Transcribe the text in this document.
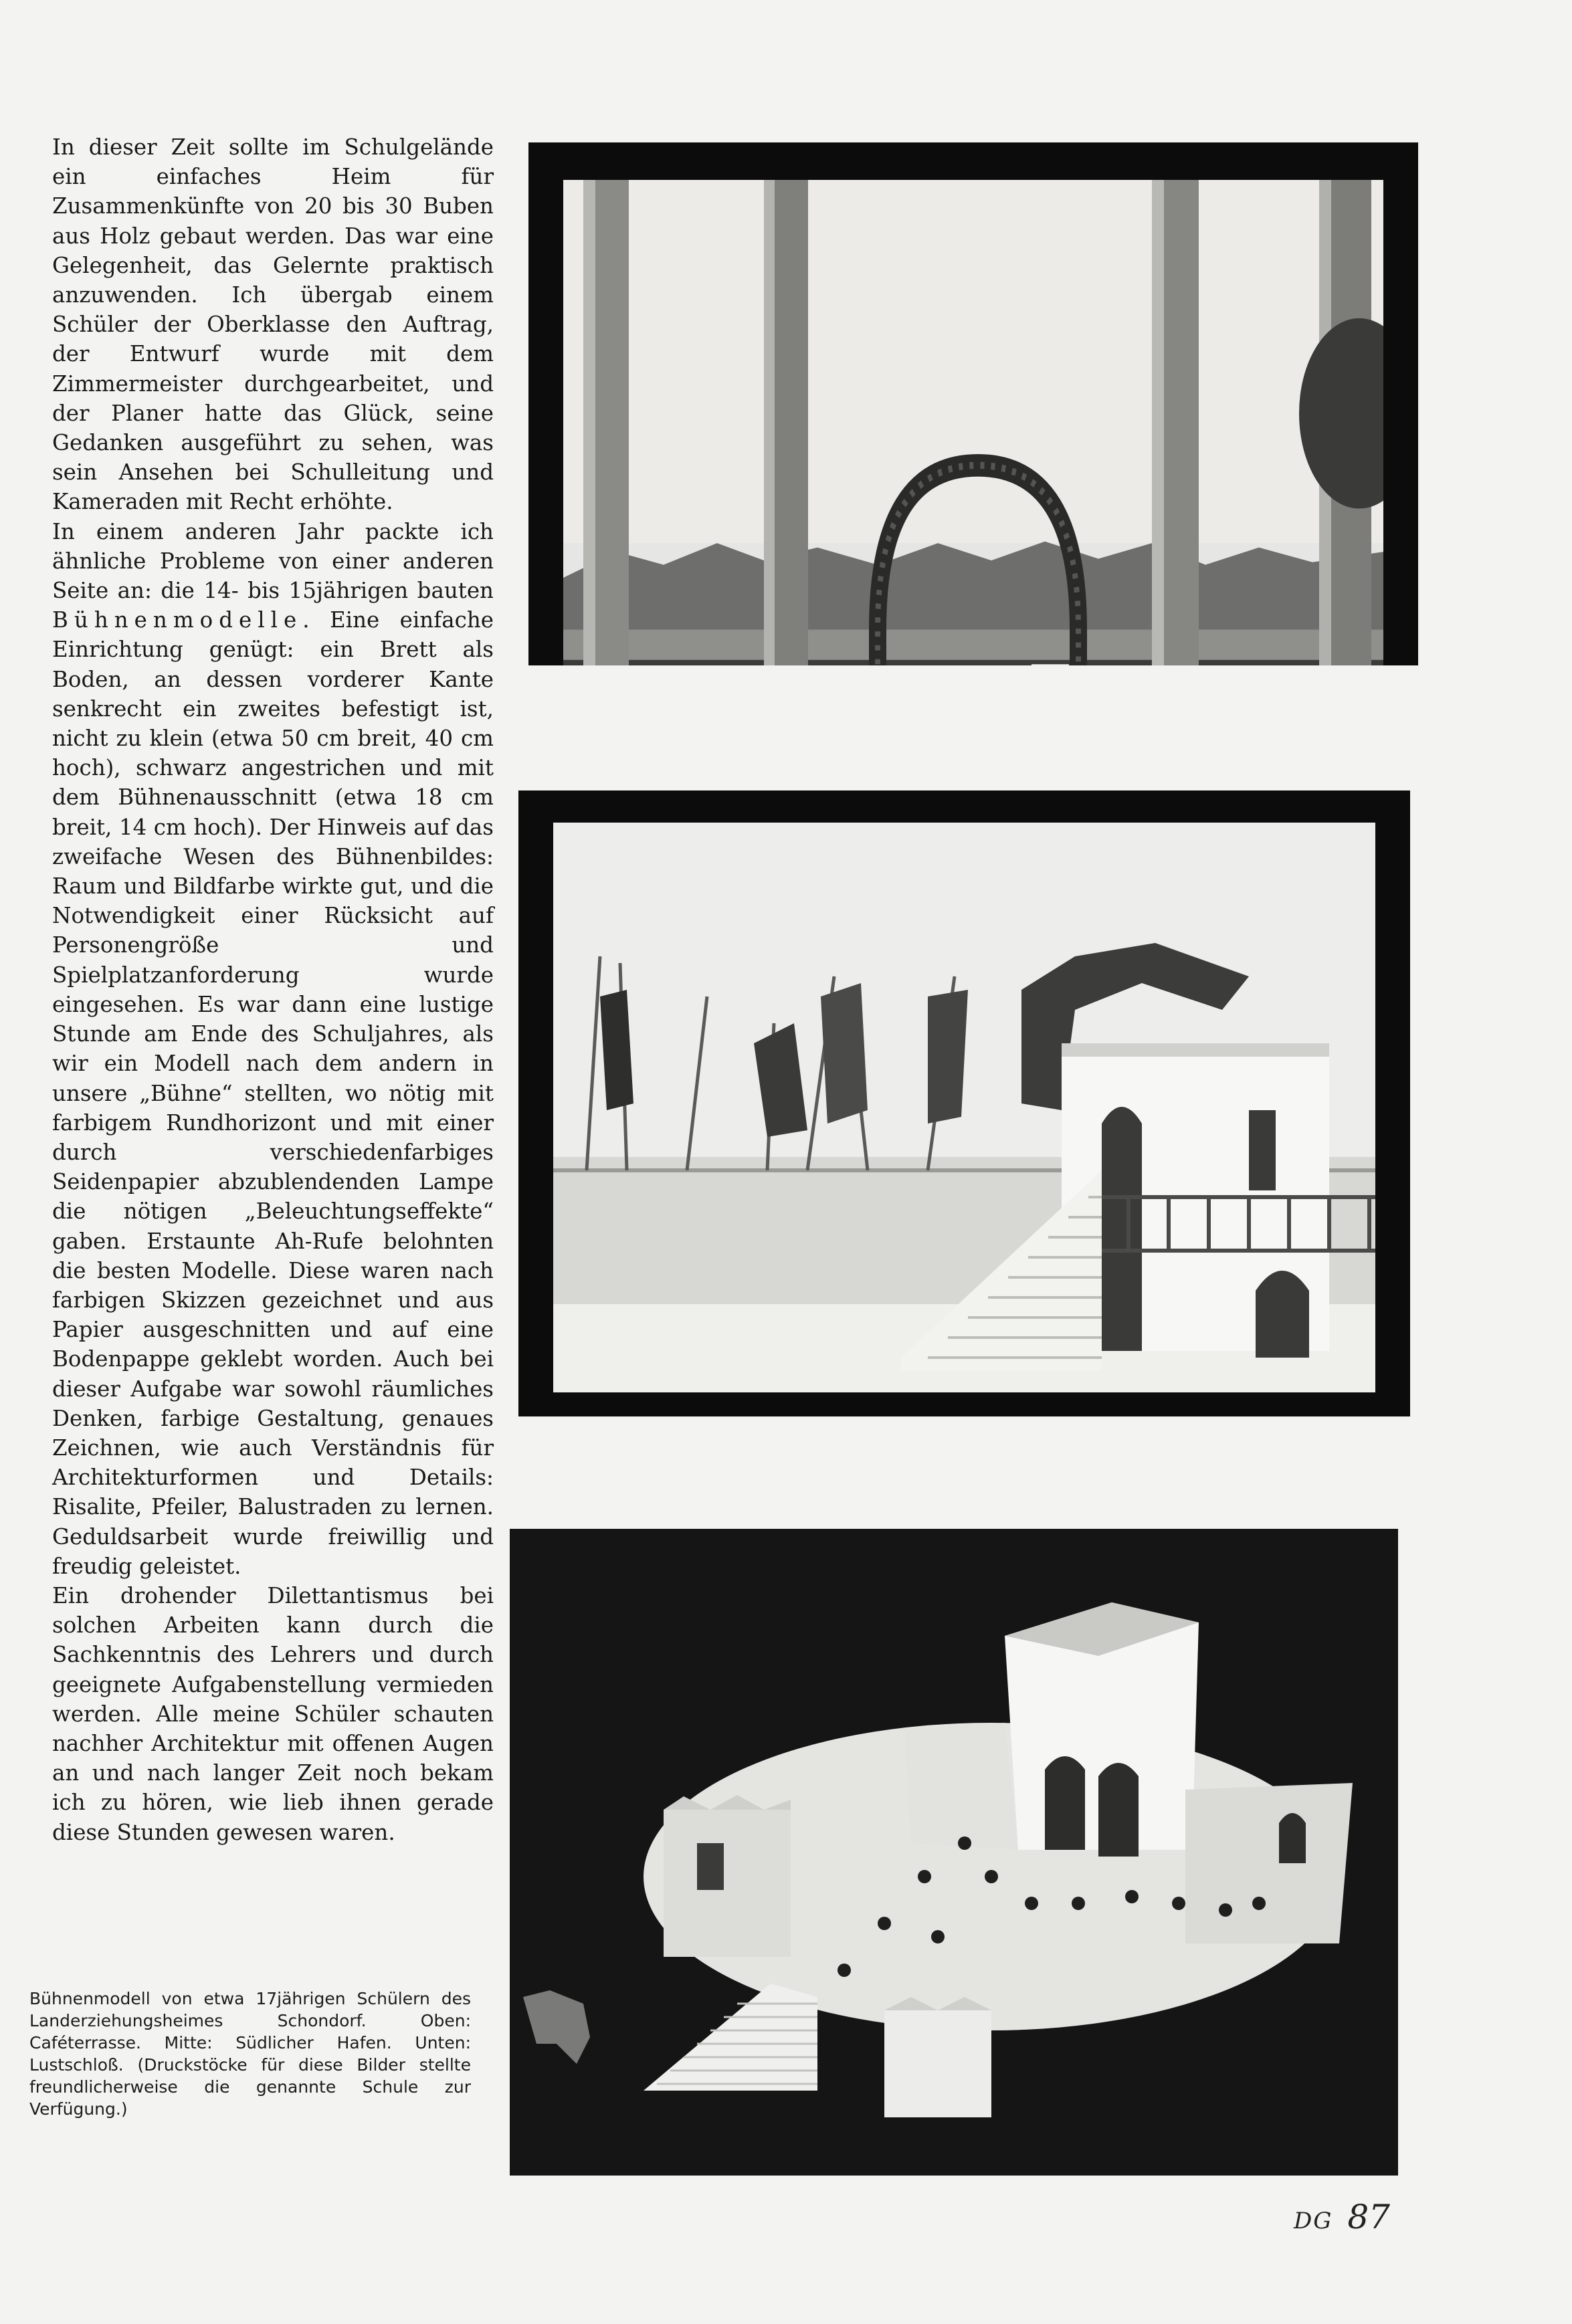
In dieser Zeit sollte im Schulgelände ein einfaches Heim für Zusammenkünfte von 20 bis 30 Buben aus Holz gebaut werden. Das war eine Gelegenheit, das Gelernte praktisch anzuwenden. Ich übergab einem Schüler der Oberklasse den Auftrag, der Entwurf wurde mit dem Zimmermeister durchgearbeitet, und der Planer hatte das Glück, seine Gedanken ausgeführt zu sehen, was sein Ansehen bei Schulleitung und Kameraden mit Recht erhöhte.

In einem anderen Jahr packte ich ähnliche Probleme von einer anderen Seite an: die 14- bis 15jährigen bauten Bühnenmodelle. Eine einfache Einrichtung genügt: ein Brett als Boden, an dessen vorderer Kante senkrecht ein zweites befestigt ist, nicht zu klein (etwa 50 cm breit, 40 cm hoch), schwarz angestrichen und mit dem Bühnenausschnitt (etwa 18 cm breit, 14 cm hoch). Der Hinweis auf das zweifache Wesen des Bühnenbildes: Raum und Bildfarbe wirkte gut, und die Notwendigkeit einer Rücksicht auf Personengröße und Spielplatzanforderung wurde eingesehen. Es war dann eine lustige Stunde am Ende des Schuljahres, als wir ein Modell nach dem andern in unsere „Bühne“ stellten, wo nötig mit farbigem Rundhorizont und mit einer durch verschiedenfarbiges Seidenpapier abzublendenden Lampe die nötigen „Beleuchtungseffekte“ gaben. Erstaunte Ah-Rufe belohnten die besten Modelle. Diese waren nach farbigen Skizzen gezeichnet und aus Papier ausgeschnitten und auf eine Bodenpappe geklebt worden. Auch bei dieser Aufgabe war sowohl räumliches Denken, farbige Gestaltung, genaues Zeichnen, wie auch Verständnis für Architekturformen und Details: Risalite, Pfeiler, Balustraden zu lernen. Geduldsarbeit wurde freiwillig und freudig geleistet.

Ein drohender Dilettantismus bei solchen Arbeiten kann durch die Sachkenntnis des Lehrers und durch geeignete Aufgabenstellung vermieden werden. Alle meine Schüler schauten nachher Architektur mit offenen Augen an und nach langer Zeit noch bekam ich zu hören, wie lieb ihnen gerade diese Stunden gewesen waren.

Bühnenmodell von etwa 17jährigen Schülern des Landerziehungsheimes Schondorf. Oben: Caféterrasse. Mitte: Südlicher Hafen. Unten: Lustschloß. (Druckstöcke für diese Bilder stellte freundlicherweise die genannte Schule zur Verfügung.)
DG 87
